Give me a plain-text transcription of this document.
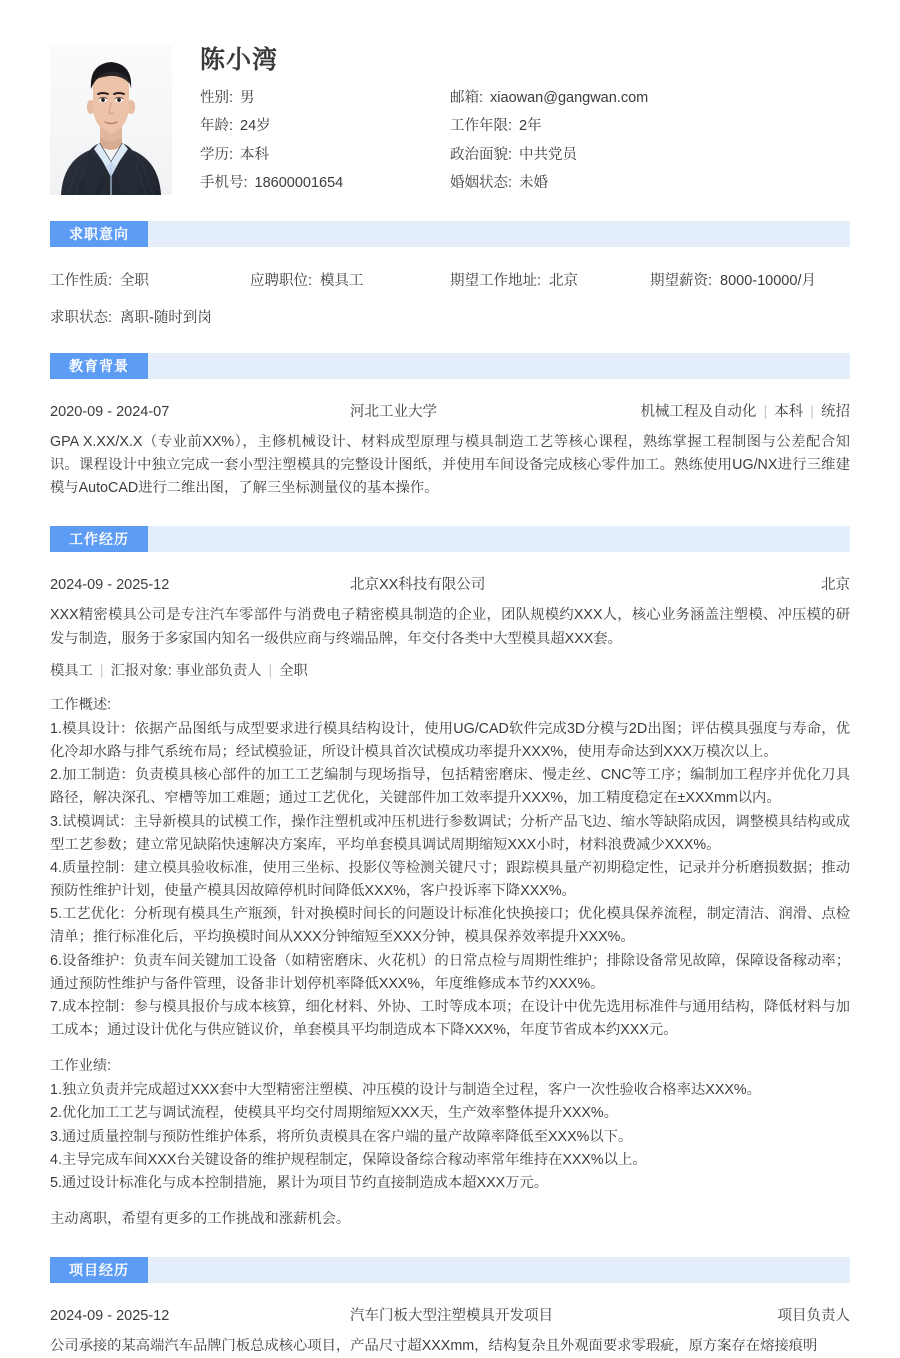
陈小湾
性别: 男	邮箱: xiaowan@gangwan.com
年龄: 24岁	工作年限: 2年
学历: 本科	政治面貌: 中共党员
手机号: 18600001654	婚姻状态: 未婚
求职意向
工作性质: 全职	应聘职位: 模具工	期望工作地址: 北京	期望薪资: 8000-10000/月
求职状态: 离职-随时到岗
教育背景
2020-09 - 2024-07	河北工业大学	机械工程及自动化 | 本科 | 统招

GPA X.XX/X.X（专业前XX%），主修机械设计、材料成型原理与模具制造工艺等核心课程，熟练掌握工程制图与公差配合知识。课程设计中独立完成一套小型注塑模具的完整设计图纸，并使用车间设备完成核心零件加工。熟练使用UG/NX进行三维建模与AutoCAD进行二维出图，了解三坐标测量仪的基本操作。

工作经历
2024-09 - 2025-12	北京XX科技有限公司	北京

XXX精密模具公司是专注汽车零部件与消费电子精密模具制造的企业，团队规模约XXX人，核心业务涵盖注塑模、冲压模的研发与制造，服务于多家国内知名一级供应商与终端品牌，年交付各类中大型模具超XXX套。

模具工 | 汇报对象: 事业部负责人 | 全职

工作概述:

1.模具设计：依据产品图纸与成型要求进行模具结构设计，使用UG/CAD软件完成3D分模与2D出图；评估模具强度与寿命，优化冷却水路与排气系统布局；经试模验证，所设计模具首次试模成功率提升XXX%，使用寿命达到XXX万模次以上。

2.加工制造：负责模具核心部件的加工工艺编制与现场指导，包括精密磨床、慢走丝、CNC等工序；编制加工程序并优化刀具路径，解决深孔、窄槽等加工难题；通过工艺优化，关键部件加工效率提升XXX%，加工精度稳定在±XXXmm以内。

3.试模调试：主导新模具的试模工作，操作注塑机或冲压机进行参数调试；分析产品飞边、缩水等缺陷成因，调整模具结构或成型工艺参数；建立常见缺陷快速解决方案库，平均单套模具调试周期缩短XXX小时，材料浪费减少XXX%。

4.质量控制：建立模具验收标准，使用三坐标、投影仪等检测关键尺寸；跟踪模具量产初期稳定性，记录并分析磨损数据；推动预防性维护计划，使量产模具因故障停机时间降低XXX%，客户投诉率下降XXX%。

5.工艺优化：分析现有模具生产瓶颈，针对换模时间长的问题设计标准化快换接口；优化模具保养流程，制定清洁、润滑、点检清单；推行标准化后，平均换模时间从XXX分钟缩短至XXX分钟，模具保养效率提升XXX%。

6.设备维护：负责车间关键加工设备（如精密磨床、火花机）的日常点检与周期性维护；排除设备常见故障，保障设备稼动率；通过预防性维护与备件管理，设备非计划停机率降低XXX%，年度维修成本节约XXX%。

7.成本控制：参与模具报价与成本核算，细化材料、外协、工时等成本项；在设计中优先选用标准件与通用结构，降低材料与加工成本；通过设计优化与供应链议价，单套模具平均制造成本下降XXX%，年度节省成本约XXX元。

工作业绩:

1.独立负责并完成超过XXX套中大型精密注塑模、冲压模的设计与制造全过程，客户一次性验收合格率达XXX%。

2.优化加工工艺与调试流程，使模具平均交付周期缩短XXX天，生产效率整体提升XXX%。

3.通过质量控制与预防性维护体系，将所负责模具在客户端的量产故障率降低至XXX%以下。

4.主导完成车间XXX台关键设备的维护规程制定，保障设备综合稼动率常年维持在XXX%以上。

5.通过设计标准化与成本控制措施，累计为项目节约直接制造成本超XXX万元。

主动离职，希望有更多的工作挑战和涨薪机会。

项目经历
2024-09 - 2025-12	汽车门板大型注塑模具开发项目	项目负责人

公司承接的某高端汽车品牌门板总成核心项目，产品尺寸超XXXmm，结构复杂且外观面要求零瑕疵，原方案存在熔接痕明
